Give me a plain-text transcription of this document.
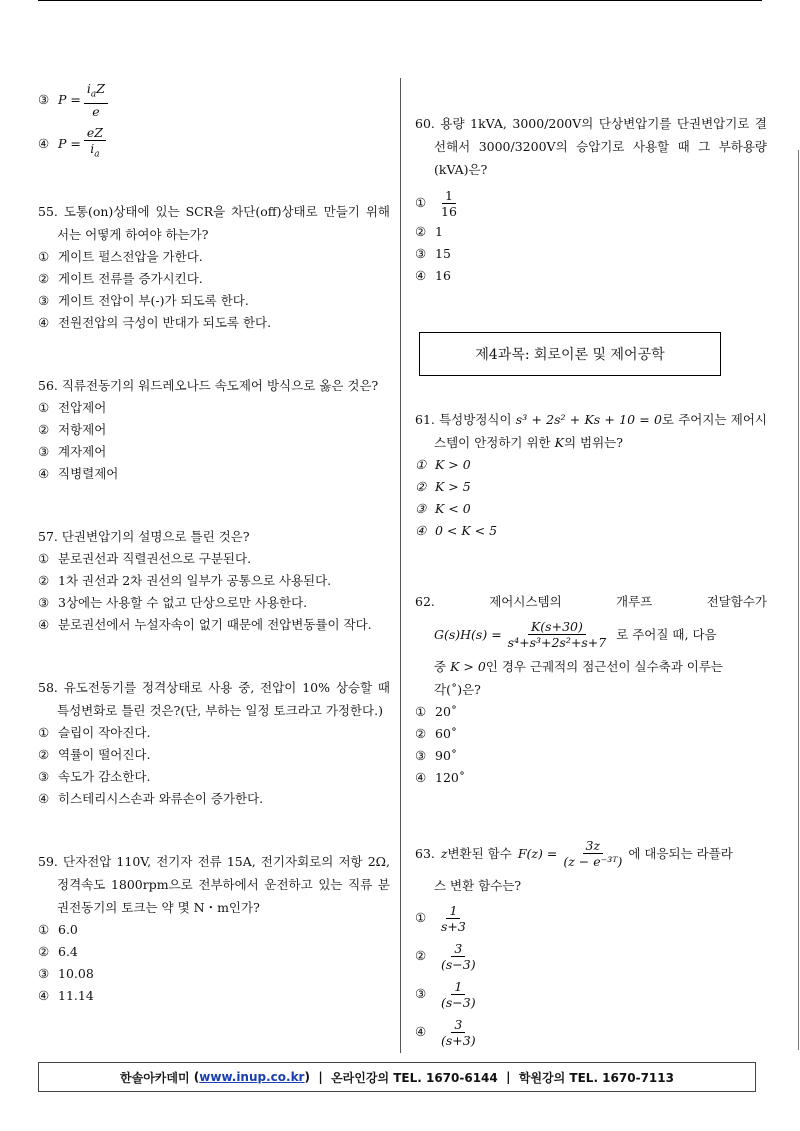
③ $P = \frac{i_aZ}{e}$
④ $P = \frac{eZ}{i_a}$
55. 도통(on)상태에 있는 SCR을 차단(off)상태로 만들기 위해서는 어떻게 하여야 하는가?
① 게이트 펄스전압을 가한다.
② 게이트 전류를 증가시킨다.
③ 게이트 전압이 부(-)가 되도록 한다.
④ 전원전압의 극성이 반대가 되도록 한다.
56. 직류전동기의 워드레오나드 속도제어 방식으로 옳은 것은?
① 전압제어
② 저항제어
③ 계자제어
④ 직병렬제어
57. 단권변압기의 설명으로 틀린 것은?
① 분로권선과 직렬권선으로 구분된다.
② 1차 권선과 2차 권선의 일부가 공통으로 사용된다.
③ 3상에는 사용할 수 없고 단상으로만 사용한다.
④ 분로권선에서 누설자속이 없기 때문에 전압변동률이 작다.
58. 유도전동기를 정격상태로 사용 중, 전압이 10% 상승할 때 특성변화로 틀린 것은?(단, 부하는 일정 토크라고 가정한다.)
① 슬립이 작아진다.
② 역률이 떨어진다.
③ 속도가 감소한다.
④ 히스테리시스손과 와류손이 증가한다.
59. 단자전압 110V, 전기자 전류 15A, 전기자회로의 저항 2Ω, 정격속도 1800rpm으로 전부하에서 운전하고 있는 직류 분권전동기의 토크는 약 몇 N・m인가?
① 6.0
② 6.4
③ 10.08
④ 11.14
60. 용량 1kVA, 3000/200V의 단상변압기를 단권변압기로 결선해서 3000/3200V의 승압기로 사용할 때 그 부하용량(kVA)은?
① $\frac{1}{16}$
② 1
③ 15
④ 16
제4과목: 회로이론 및 제어공학
61. 특성방정식이 s³ + 2s² + Ks + 10 = 0로 주어지는 제어시스템이 안정하기 위한 K의 범위는?
① K > 0
② K > 5
③ K < 0
④ 0 < K < 5
62.	제어시스템의	개루프	전달함수가
$G(s)H(s) = \frac{K(s+30)}{\text{s⁴+s³+2s²+s+7}}$ 로 주어질 때, 다음
중 K > 0인 경우 근궤적의 점근선이 실수축과 이루는
각(˚)은?
① 20˚
② 60˚
③ 90˚
④ 120˚
63. z 변환된 함수 $F(z) = \frac{3z}{\text{(z − e⁻³ᵀ)}}$ 에 대응되는 라플라
스 변환 함수는?
① $\frac{1}{s+3}$
② $\frac{3}{(s-3)}$
③ $\frac{1}{(s-3)}$
④ $\frac{3}{(s+3)}$
한솔아카데미 ( www.inup.co.kr ) |
온라인강의 TEL. 1670-6144
|
학원강의 TEL. 1670-7113
